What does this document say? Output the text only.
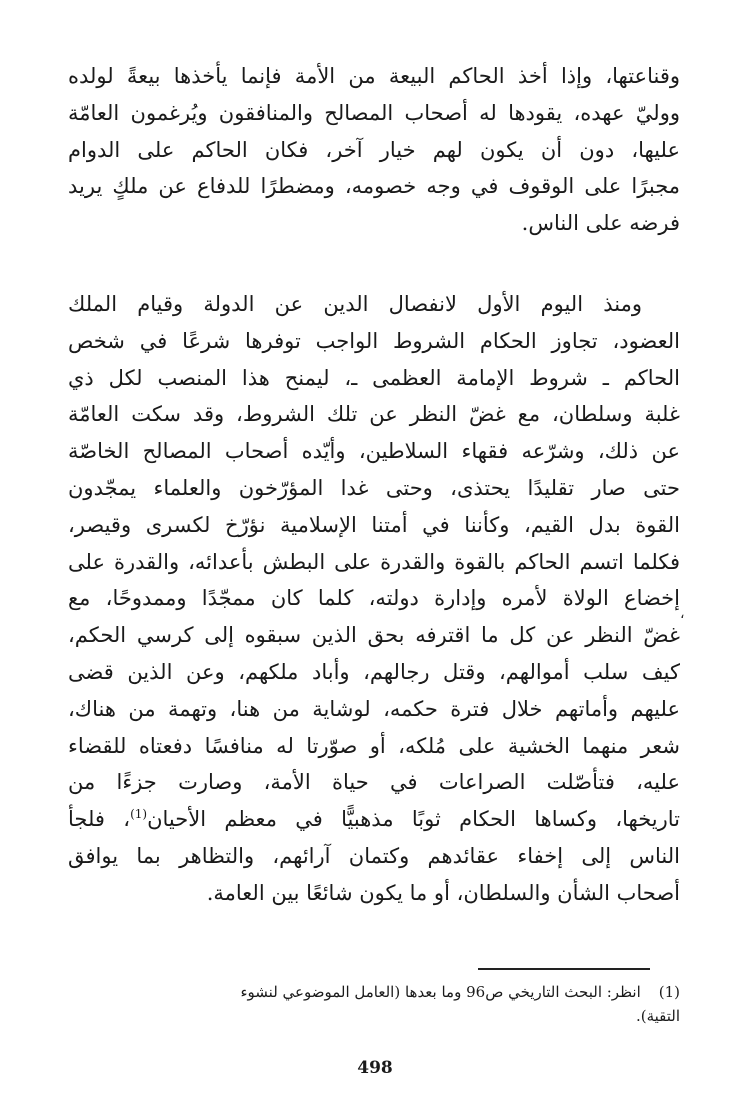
وقناعتها، وإذا أخذ الحاكم البيعة من الأمة فإنما يأخذها بيعةً لولده
ووليّ عهده، يقودها له أصحاب المصالح والمنافقون ويُرغمون العامّة
عليها، دون أن يكون لهم خيار آخر، فكان الحاكم على الدوام
مجبرًا على الوقوف في وجه خصومه، ومضطرًا للدفاع عن ملكٍ يريد
فرضه على الناس.
ومنذ اليوم الأول لانفصال الدين عن الدولة وقيام الملك
العضود، تجاوز الحكام الشروط الواجب توفرها شرعًا في شخص
الحاكم ـ شروط الإمامة العظمى ـ، ليمنح هذا المنصب لكل ذي
غلبة وسلطان، مع غضّ النظر عن تلك الشروط، وقد سكت العامّة
عن ذلك، وشرّعه فقهاء السلاطين، وأيّده أصحاب المصالح الخاصّة
حتى صار تقليدًا يحتذى، وحتى غدا المؤرّخون والعلماء يمجّدون
القوة بدل القيم، وكأننا في أمتنا الإسلامية نؤرّخ لكسرى وقيصر،
فكلما اتسم الحاكم بالقوة والقدرة على البطش بأعدائه، والقدرة على
إخضاع الولاة لأمره وإدارة دولته، كلما كان ممجّدًا وممدوحًا، مع
غضّ النظر عن كل ما اقترفه بحق الذين سبقوه إلى كرسي الحكم،
كيف سلب أموالهم، وقتل رجالهم، وأباد ملكهم، وعن الذين قضى
عليهم وأماتهم خلال فترة حكمه، لوشاية من هنا، وتهمة من هناك،
شعر منهما الخشية على مُلكه، أو صوّرتا له منافسًا دفعتاه للقضاء
عليه، فتأصّلت الصراعات في حياة الأمة، وصارت جزءًا من
تاريخها، وكساها الحكام ثوبًا مذهبيًّا في معظم الأحيان$^{(1)}$، فلجأ
الناس إلى إخفاء عقائدهم وكتمان آرائهم، والتظاهر بما يوافق
أصحاب الشأن والسلطان، أو ما يكون شائعًا بين العامة.
،
(1)انظر: البحث التاريخي ص96 وما بعدها (العامل الموضوعي لنشوء التقية).
498
